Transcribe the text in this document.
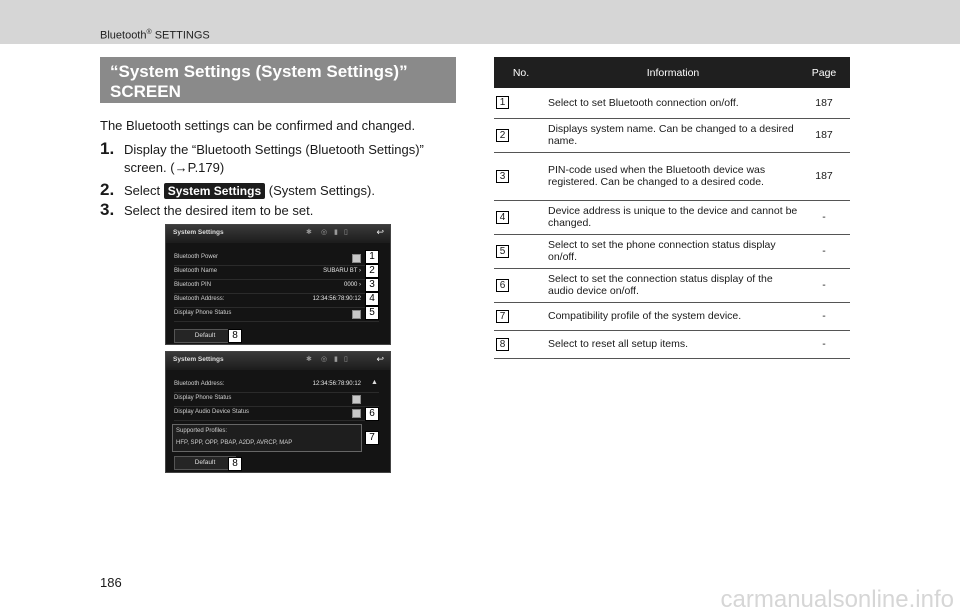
Bluetooth® SETTINGS
“System Settings (System Settings)”
SCREEN
The Bluetooth settings can be confirmed and changed.
1. Display the “Bluetooth Settings (Bluetooth Settings)”
screen. (→P.179)
2. Select System Settings (System Settings).
3. Select the desired item to be set.
System Settings	✱ ◎ ▮ ▯	↩
Bluetooth Power
Bluetooth Name	SUBARU BT ›
Bluetooth PIN	0000 ›
Bluetooth Address:	12:34:56:78:90:12
Display Phone Status
1
2
3
4
5
Default	8
System Settings	✱ ◎ ▮ ▯	↩
Bluetooth Address:	12:34:56:78:90:12 ▲
Display Phone Status
Display Audio Device Status	6
Supported Profiles:
HFP, SPP, OPP, PBAP, A2DP, AVRCP, MAP	7
Default	8
No.	Information	Page
1	Select to set Bluetooth connection on/off.	187
2	Displays system name. Can be changed to a desired name.	187
3	PIN-code used when the Bluetooth device was registered. Can be changed to a desired code.	187
4	Device address is unique to the device and cannot be changed.	-
5	Select to set the phone connection status display on/off.	-
6	Select to set the connection status display of the audio device on/off.	-
7	Compatibility profile of the system device.	-
8	Select to reset all setup items.	-
186
carmanualsonline.info
